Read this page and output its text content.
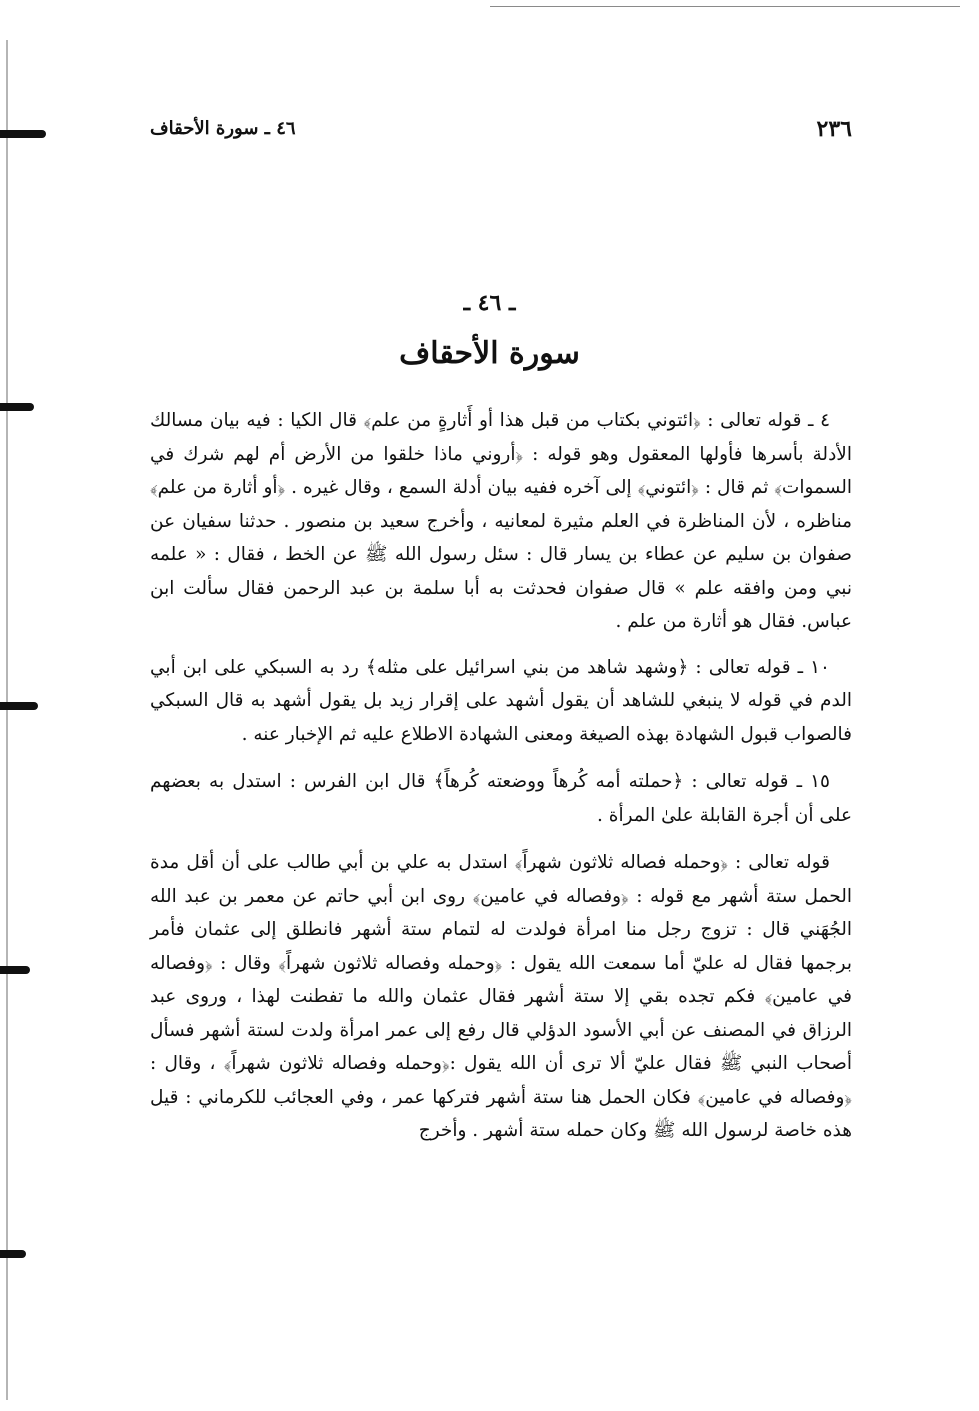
٢٣٦
٤٦ ـ سورة الأحقاف
ـ ٤٦ ـ
سورة الأحقاف

٤ ـ قوله تعالى : ﴿ائتوني بكتاب من قبل هذا أو أَثارةٍ من علم﴾ قال الكيا : فيه بيان مسالك الأدلة بأسرها فأولها المعقول وهو قوله : ﴿أروني ماذا خلقوا من الأرض أم لهم شرك في السموات﴾ ثم قال : ﴿ائتوني﴾ إلى آخره ففيه بيان أدلة السمع ، وقال غيره . ﴿أو أثارة من علم﴾ مناظره ، لأن المناظرة في العلم مثيرة لمعانيه ، وأخرج سعيد بن منصور . حدثنا سفيان عن صفوان بن سليم عن عطاء بن يسار قال : سئل رسول الله ﷺ عن الخط ، فقال : « علمه نبي ومن وافقه علم » قال صفوان فحدثت به أبا سلمة بن عبد الرحمن فقال سألت ابن عباس. فقال هو أثارة من علم .

١٠ ـ قوله تعالى : ﴿وشهد شاهد من بني اسرائيل على مثله﴾ رد به السبكي على ابن أبي الدم في قوله لا ينبغي للشاهد أن يقول أشهد على إقرار زيد بل يقول أشهد به قال السبكي فالصواب قبول الشهادة بهذه الصيغة ومعنى الشهادة الاطلاع عليه ثم الإخبار عنه .

١٥ ـ قوله تعالى : ﴿حملته أمه كُرهاً ووضعته كُرهاً﴾ قال ابن الفرس : استدل به بعضهم على أن أجرة القابلة علىٰ المرأة .

قوله تعالى : ﴿وحمله فصاله ثلاثون شهراً﴾ استدل به علي بن أبي طالب على أن أقل مدة الحمل ستة أشهر مع قوله : ﴿وفصاله في عامين﴾ روى ابن أبي حاتم عن معمر بن عبد الله الجُهَني قال : تزوج رجل منا امرأة فولدت له لتمام ستة أشهر فانطلق إلى عثمان فأمر برجمها فقال له عليّ أما سمعت الله يقول : ﴿وحمله وفصاله ثلاثون شهراً﴾ وقال : ﴿وفصاله في عامين﴾ فكم تجده بقي إلا ستة أشهر فقال عثمان والله ما تفطنت لهذا ، وروى عبد الرزاق في المصنف عن أبي الأسود الدؤلي قال رفع إلى عمر امرأة ولدت لستة أشهر فسأل أصحاب النبي ﷺ فقال عليّ ألا ترى أن الله يقول :﴿وحمله وفصاله ثلاثون شهراً﴾ ، وقال : ﴿وفصاله في عامين﴾ فكان الحمل هنا ستة أشهر فتركها عمر ، وفي العجائب للكرماني : قيل هذه خاصة لرسول الله ﷺ وكان حمله ستة أشهر . وأخرج
